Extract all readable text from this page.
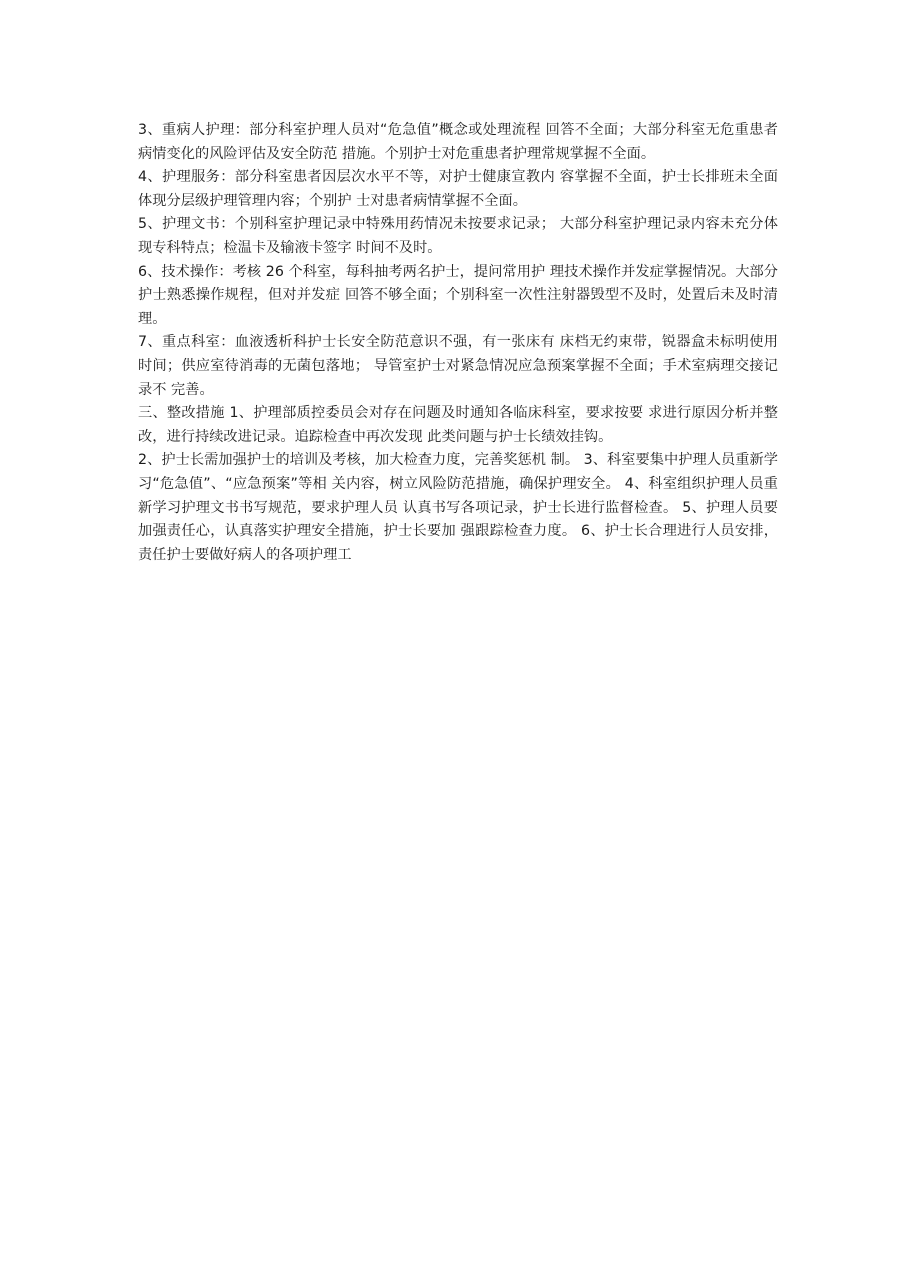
3、重病人护理：部分科室护理人员对“危急值”概念或处理流程 回答不全面；大部分科室无危重患者病情变化的风险评估及安全防范 措施。个别护士对危重患者护理常规掌握不全面。

4、护理服务：部分科室患者因层次水平不等，对护士健康宣教内 容掌握不全面，护士长排班未全面体现分层级护理管理内容；个别护 士对患者病情掌握不全面。

5、护理文书：个别科室护理记录中特殊用药情况未按要求记录； 大部分科室护理记录内容未充分体现专科特点；检温卡及输液卡签字 时间不及时。

6、技术操作：考核 26 个科室，每科抽考两名护士，提问常用护 理技术操作并发症掌握情况。大部分护士熟悉操作规程，但对并发症 回答不够全面；个别科室一次性注射器毁型不及时，处置后未及时清 理。

7、重点科室：血液透析科护士长安全防范意识不强，有一张床有 床档无约束带，锐器盒未标明使用时间；供应室待消毒的无菌包落地； 导管室护士对紧急情况应急预案掌握不全面；手术室病理交接记录不 完善。

三、整改措施 1、护理部质控委员会对存在问题及时通知各临床科室，要求按要 求进行原因分析并整改，进行持续改进记录。追踪检查中再次发现 此类问题与护士长绩效挂钩。

2、护士长需加强护士的培训及考核，加大检查力度，完善奖惩机 制。 3、科室要集中护理人员重新学习“危急值”、“应急预案”等相 关内容，树立风险防范措施，确保护理安全。 4、科室组织护理人员重新学习护理文书书写规范，要求护理人员 认真书写各项记录，护士长进行监督检查。 5、护理人员要加强责任心，认真落实护理安全措施，护士长要加 强跟踪检查力度。 6、护士长合理进行人员安排，责任护士要做好病人的各项护理工
